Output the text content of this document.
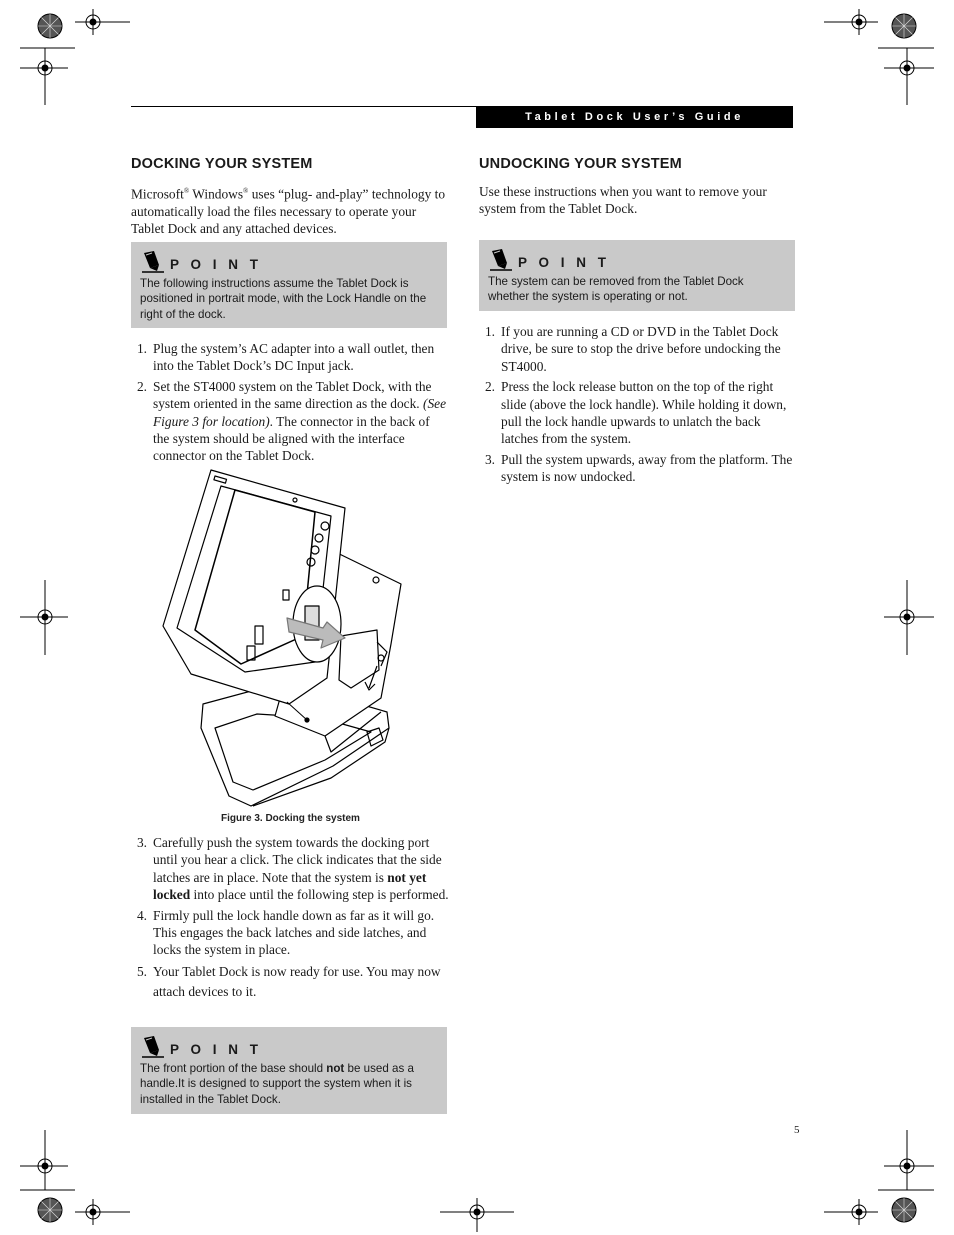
Tablet Dock User’s Guide
DOCKING YOUR SYSTEM

Microsoft® Windows® uses “plug- and-play” technology to automatically load the files necessary to operate your Tablet Dock and any attached devices.

P O I N T
The following instructions assume the Tablet Dock is positioned in portrait mode, with the Lock Handle on the right of the dock.
1. Plug the system’s AC adapter into a wall outlet, then into the Tablet Dock’s DC Input jack.
2. Set the ST4000 system on the Tablet Dock, with the system oriented in the same direction as the dock. (See Figure 3 for location). The connector in the back of the system should be aligned with the interface connector on the Tablet Dock.
Figure 3. Docking the system
3. Carefully push the system towards the docking port until you hear a click. The click indicates that the side latches are in place. Note that the system is not yet locked into place until the following step is performed.
4. Firmly pull the lock handle down as far as it will go. This engages the back latches and side latches, and locks the system in place.
5. Your Tablet Dock is now ready for use. You may now attach devices to it.
P O I N T
The front portion of the base should not be used as a handle.It is designed to support the system when it is installed in the Tablet Dock.
UNDOCKING YOUR SYSTEM

Use these instructions when you want to remove your system from the Tablet Dock.

P O I N T
The system can be removed from the Tablet Dock whether the system is operating or not.
1. If you are running a CD or DVD in the Tablet Dock drive, be sure to stop the drive before undocking the ST4000.
2. Press the lock release button on the top of the right slide (above the lock handle). While holding it down, pull the lock handle upwards to unlatch the back latches from the system.
3. Pull the system upwards, away from the platform. The system is now undocked.
5
